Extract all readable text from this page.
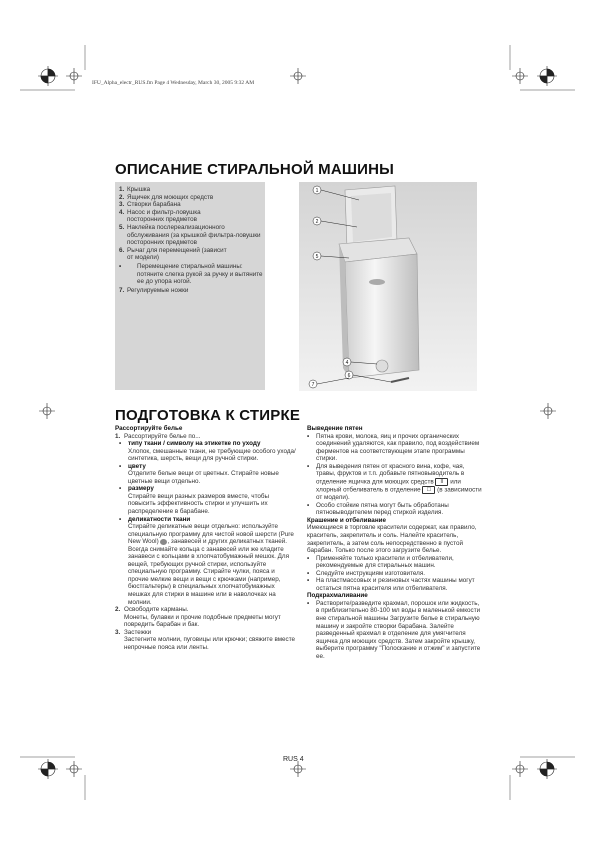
IFU_Alpha_electr_RUS.fm Page 4 Wednesday, March 30, 2005 9:32 AM
ОПИСАНИЕ СТИРАЛЬНОЙ МАШИНЫ
1. Крышка
2. Ящичек для моющих средств
3. Створки барабана
4. Насос и фильтр-ловушка
посторонних предметов
5. Наклейка послереализационного
обслуживания (за крышкой фильтра-ловушки посторонних предметов
6. Рычаг для перемещений (зависит
от модели)
•	Перемещение стиральной машины: потяните слегка рукой за ручку и вытяните ее до упора ногой.
7. Регулируемые ножки
1
2
5
4
6
7
ПОДГОТОВКА К СТИРКЕ

Рассортируйте белье

1. Рассортируйте белье по...
• типу ткани / символу на этикетке по уходу
Хлопок, смешанные ткани, не требующие особого ухода/синтетика, шерсть, вещи для ручной стирки.
• цвету
Отделите белые вещи от цветных. Стирайте новые цветные вещи отдельно.
• размеру
Стирайте вещи разных размеров вместе, чтобы повысить эффективность стирки и улучшить их распределение в барабане.
• деликатности ткани
Стирайте деликатные вещи отдельно: используйте специальную программу для чистой новой шерсти (Pure New Wool) , занавесей и других деликатных тканей. Всегда снимайте кольца с занавесей или же кладите занавеси с кольцами в хлопчатобумажный мешок. Для вещей, требующих ручной стирки, используйте специальную программу. Стирайте чулки, пояса и прочие мелкие вещи и вещи с крючками (например, бюстгальтеры) в специальных хлопчатобумажных мешках для стирки в машине или в наволочках на молнии.
2. Освободите карманы.
Монеты, булавки и прочие подобные предметы могут повредить барабан и бак.
3. Застежки
Застегните молнии, пуговицы или крючки; свяжите вместе непрочные пояса или ленты.

Выведение пятен

• Пятна крови, молока, яиц и прочих органических соединений удаляются, как правило, под воздействием ферментов на соответствующем этапе программы стирки.
• Для выведения пятен от красного вина, кофе, чая, травы, фруктов и т.п. добавьте пятновыводитель в отделение ящичка для моющих средств II или хлорный отбеливатель в отделение ☐ (в зависимости от модели).
• Особо стойкие пятна могут быть обработаны пятновыводителем перед стиркой изделия.

Крашение и отбеливание

Имеющиеся в торговле красители содержат, как правило, краситель, закрепитель и соль. Налейте краситель, закрепитель, а затем соль непосредственно в пустой барабан. Только после этого загрузите белье.

• Применяйте только красители и отбеливатели, рекомендуемые для стиральных машин.
• Следуйте инструкциям изготовителя.
• На пластмассовых и резиновых частях машины могут остаться пятна красителя или отбеливателя.

Подкрахмаливание

• Растворите/разведите крахмал, порошок или жидкость, в приблизительно 80-100 мл воды в маленькой емкости вне стиральной машины Загрузите белье в стиральную машину и закройте створки барабана. Залейте разведенный крахмал в отделение для умягчителя ящичка для моющих средств. Затем закройте крышку, выберите программу "Полоскание и отжим" и запустите ее.
RUS 4
